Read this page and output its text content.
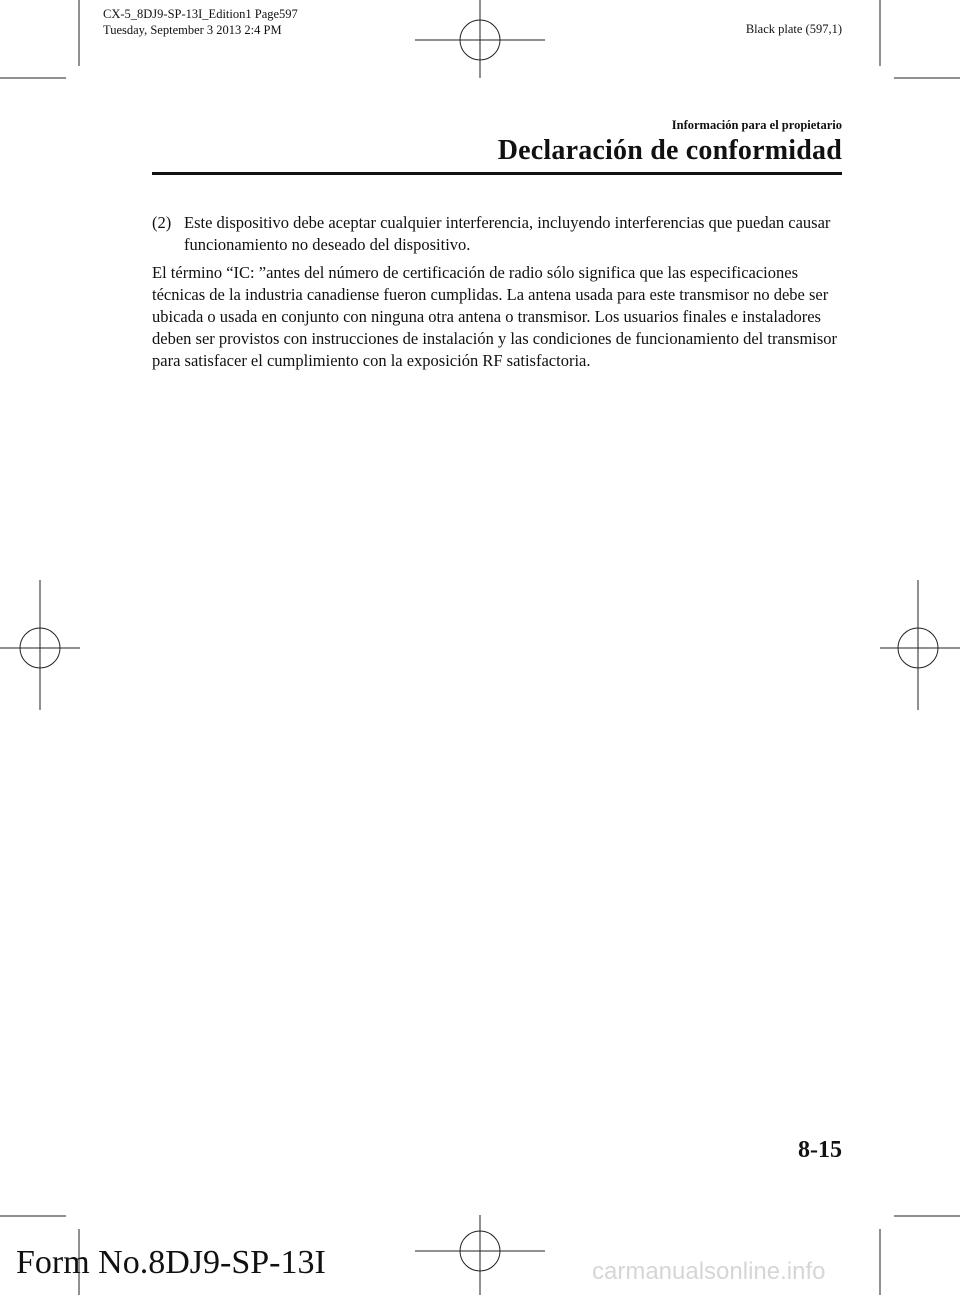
CX-5_8DJ9-SP-13I_Edition1 Page597
Tuesday, September 3 2013 2:4 PM	Black plate (597,1)
Información para el propietario
Declaración de conformidad
(2) Este dispositivo debe aceptar cualquier interferencia, incluyendo interferencias que puedan causar funcionamiento no deseado del dispositivo.

El término “IC: ”antes del número de certificación de radio sólo significa que las especificaciones técnicas de la industria canadiense fueron cumplidas. La antena usada para este transmisor no debe ser ubicada o usada en conjunto con ninguna otra antena o transmisor. Los usuarios finales e instaladores deben ser provistos con instrucciones de instalación y las condiciones de funcionamiento del transmisor para satisfacer el cumplimiento con la exposición RF satisfactoria.

8-15
Form No.8DJ9-SP-13I	carmanualsonline.info
